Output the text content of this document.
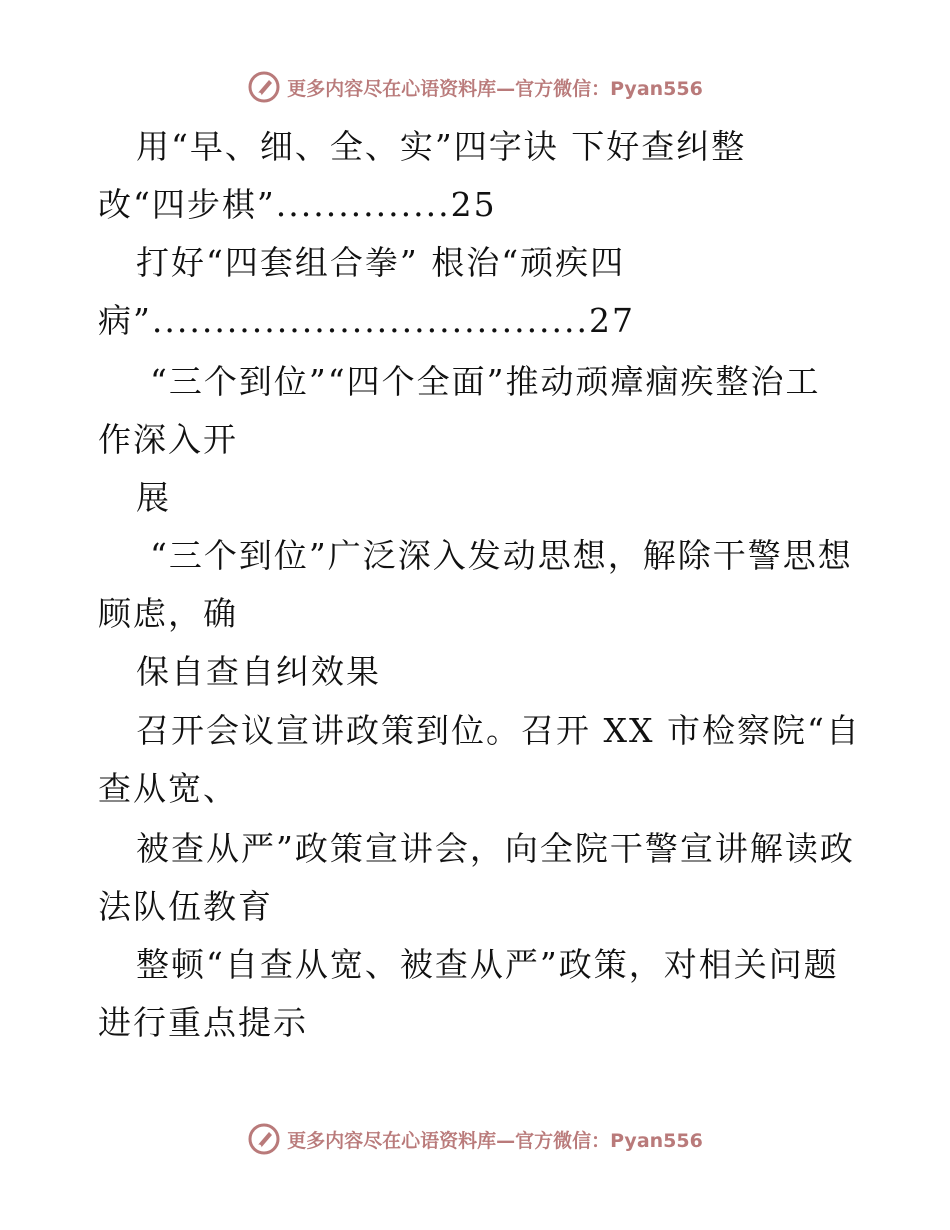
更多内容尽在心语资料库—官方微信：Pyan556
用“早、细、全、实”四字诀 下好查纠整
改“四步棋”..............25
打好“四套组合拳” 根治“顽疾四
病”...................................27
“三个到位”“四个全面”推动顽瘴痼疾整治工
作深入开
展
“三个到位”广泛深入发动思想，解除干警思想
顾虑，确
保自查自纠效果
召开会议宣讲政策到位。召开 XX 市检察院“自
查从宽、
被查从严”政策宣讲会，向全院干警宣讲解读政
法队伍教育
整顿“自查从宽、被查从严”政策，对相关问题
进行重点提示
更多内容尽在心语资料库—官方微信：Pyan556
